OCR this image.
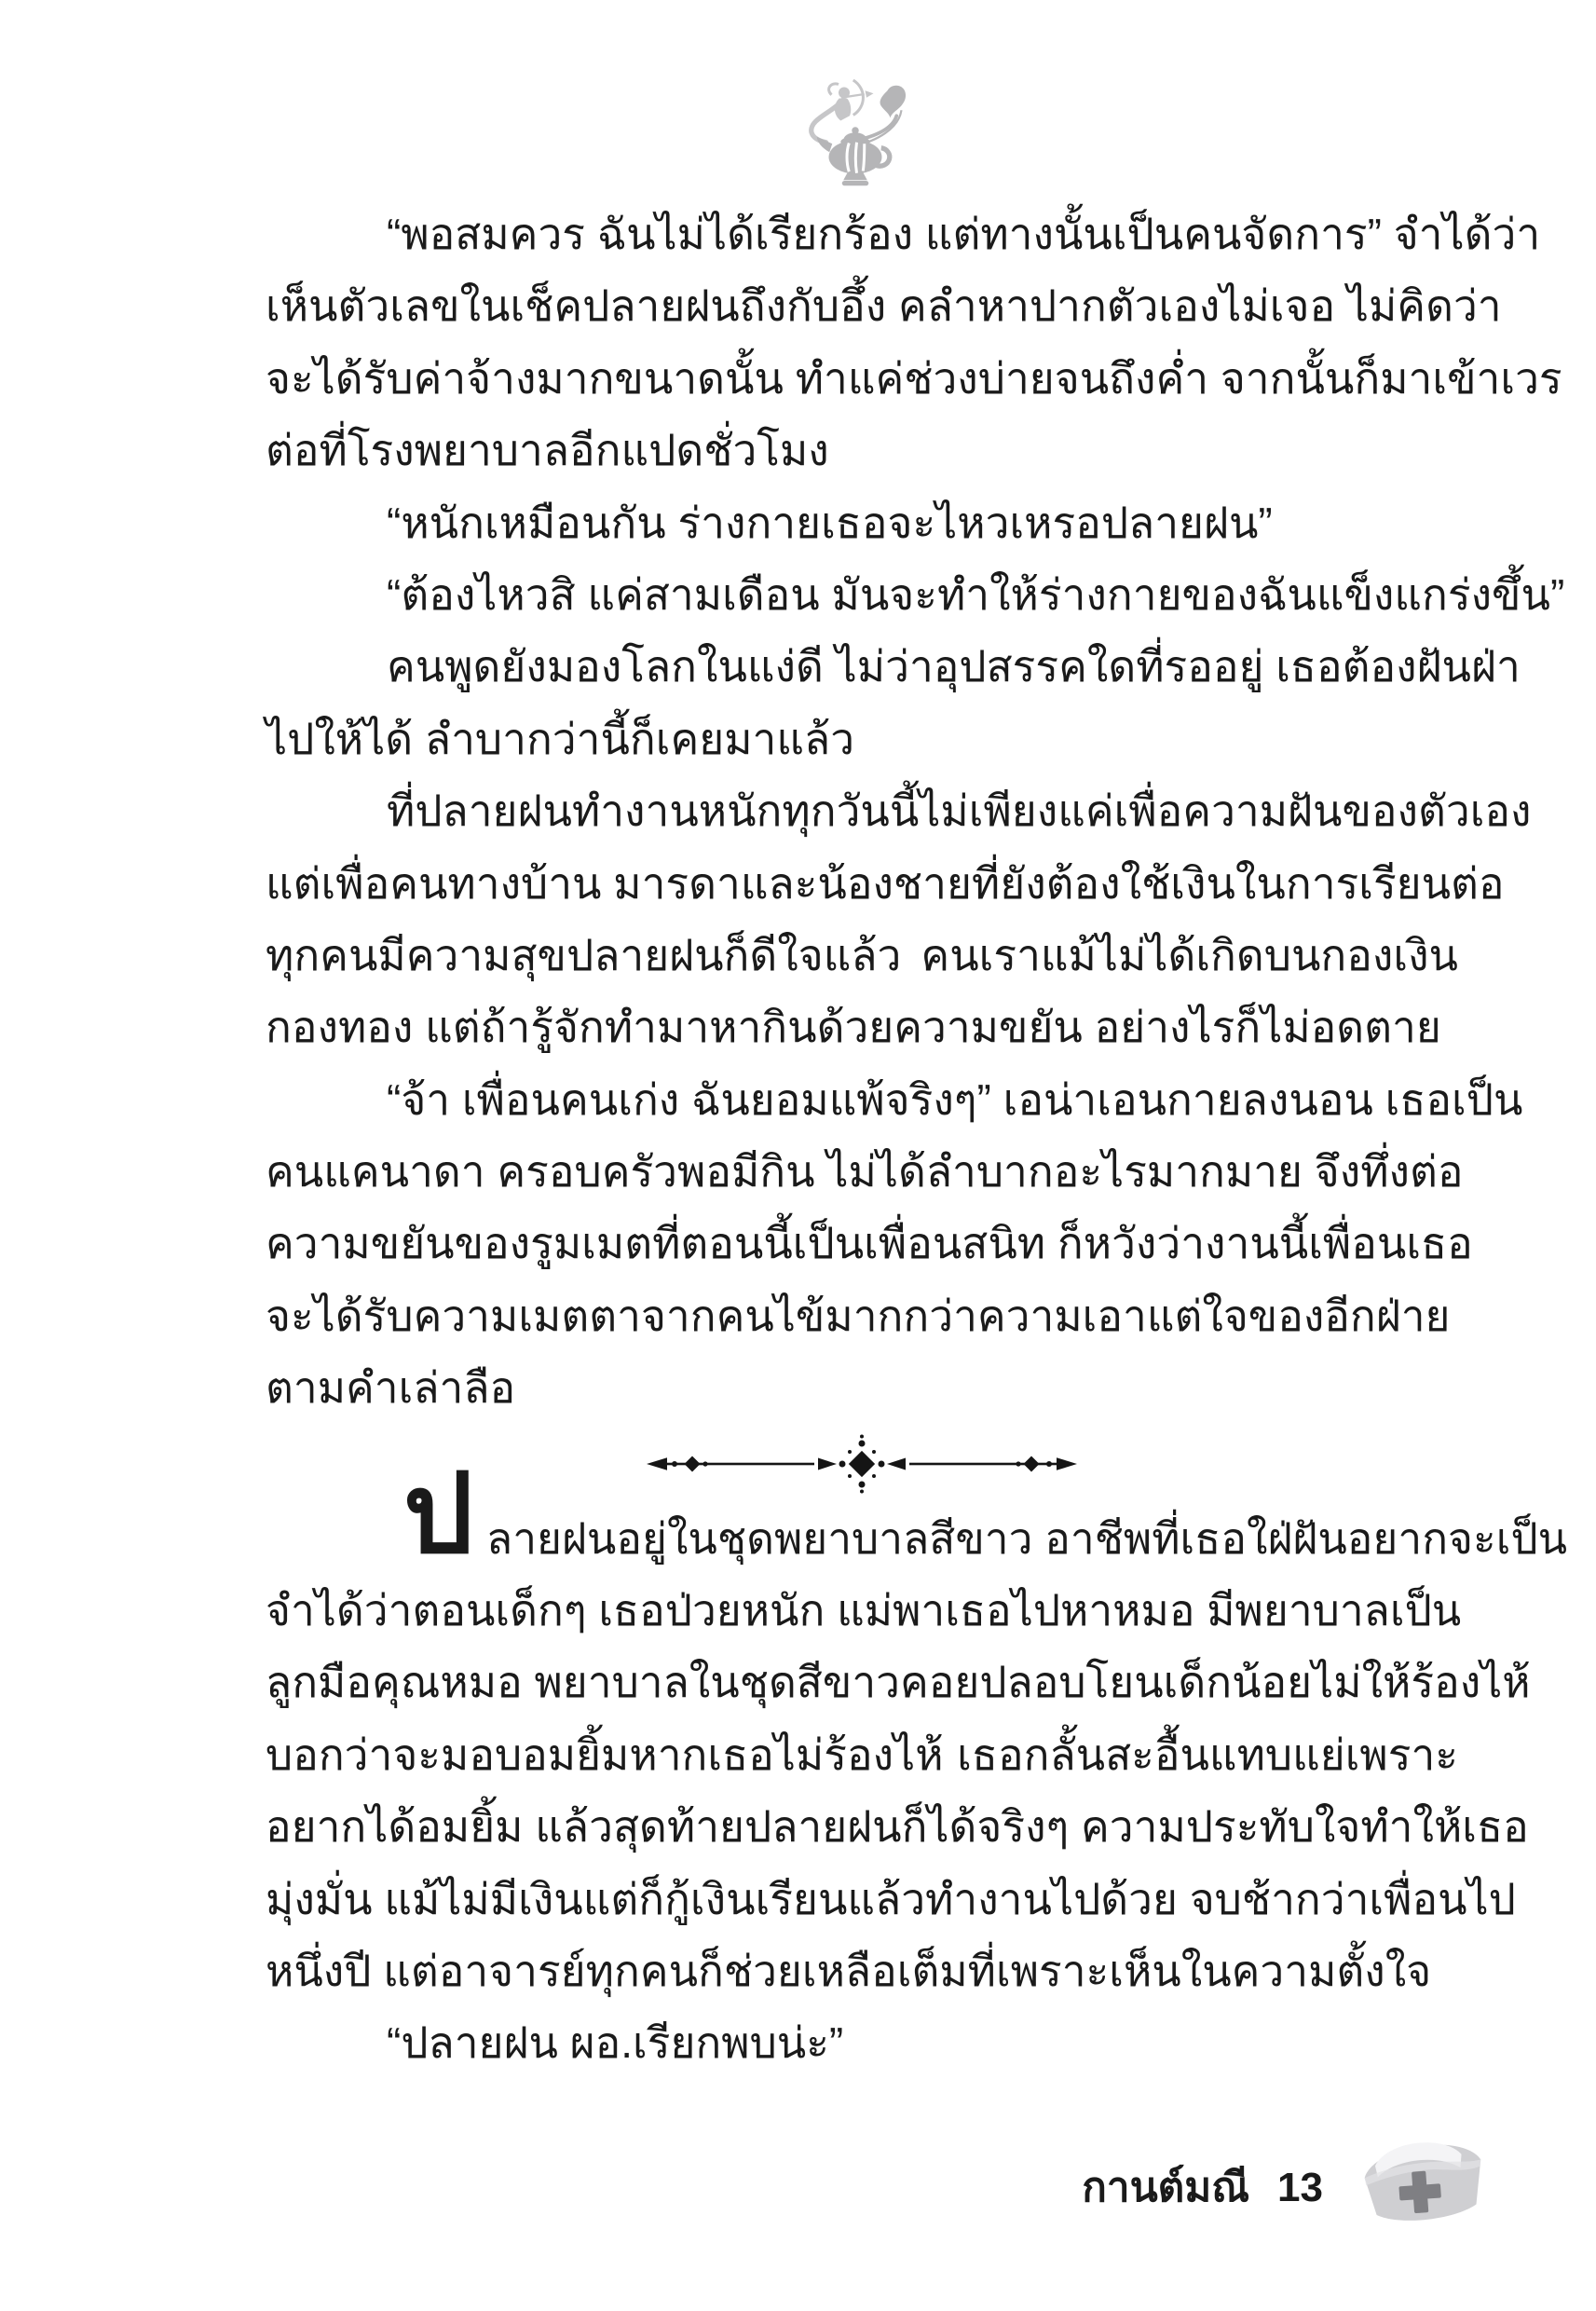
“พอสมควร ฉันไม่ได้เรียกร้อง แต่ทางนั้นเป็นคนจัดการ” จำได้ว่า
เห็นตัวเลขในเช็คปลายฝนถึงกับอึ้ง คลำหาปากตัวเองไม่เจอ ไม่คิดว่า
จะได้รับค่าจ้างมากขนาดนั้น ทำแค่ช่วงบ่ายจนถึงค่ำ จากนั้นก็มาเข้าเวร
ต่อที่โรงพยาบาลอีกแปดชั่วโมง
“หนักเหมือนกัน ร่างกายเธอจะไหวเหรอปลายฝน”
“ต้องไหวสิ แค่สามเดือน มันจะทำให้ร่างกายของฉันแข็งแกร่งขึ้น”
คนพูดยังมองโลกในแง่ดี ไม่ว่าอุปสรรคใดที่รออยู่ เธอต้องฝันฝ่า
ไปให้ได้ ลำบากว่านี้ก็เคยมาแล้ว
ที่ปลายฝนทำงานหนักทุกวันนี้ไม่เพียงแค่เพื่อความฝันของตัวเอง
แต่เพื่อคนทางบ้าน มารดาและน้องชายที่ยังต้องใช้เงินในการเรียนต่อ
ทุกคนมีความสุขปลายฝนก็ดีใจแล้ว คนเราแม้ไม่ได้เกิดบนกองเงิน
กองทอง แต่ถ้ารู้จักทำมาหากินด้วยความขยัน อย่างไรก็ไม่อดตาย
“จ้า เพื่อนคนเก่ง ฉันยอมแพ้จริงๆ” เอน่าเอนกายลงนอน เธอเป็น
คนแคนาดา ครอบครัวพอมีกิน ไม่ได้ลำบากอะไรมากมาย จึงทึ่งต่อ
ความขยันของรูมเมตที่ตอนนี้เป็นเพื่อนสนิท ก็หวังว่างานนี้เพื่อนเธอ
จะได้รับความเมตตาจากคนไข้มากกว่าความเอาแต่ใจของอีกฝ่าย
ตามคำเล่าลือ
ป ลายฝนอยู่ในชุดพยาบาลสีขาว อาชีพที่เธอใฝ่ฝันอยากจะเป็น
จำได้ว่าตอนเด็กๆ เธอป่วยหนัก แม่พาเธอไปหาหมอ มีพยาบาลเป็น
ลูกมือคุณหมอ พยาบาลในชุดสีขาวคอยปลอบโยนเด็กน้อยไม่ให้ร้องไห้
บอกว่าจะมอบอมยิ้มหากเธอไม่ร้องไห้ เธอกลั้นสะอื้นแทบแย่เพราะ
อยากได้อมยิ้ม แล้วสุดท้ายปลายฝนก็ได้จริงๆ ความประทับใจทำให้เธอ
มุ่งมั่น แม้ไม่มีเงินแต่ก็กู้เงินเรียนแล้วทำงานไปด้วย จบช้ากว่าเพื่อนไป
หนึ่งปี แต่อาจารย์ทุกคนก็ช่วยเหลือเต็มที่เพราะเห็นในความตั้งใจ
“ปลายฝน ผอ.เรียกพบน่ะ”
กานต์มณี 13
